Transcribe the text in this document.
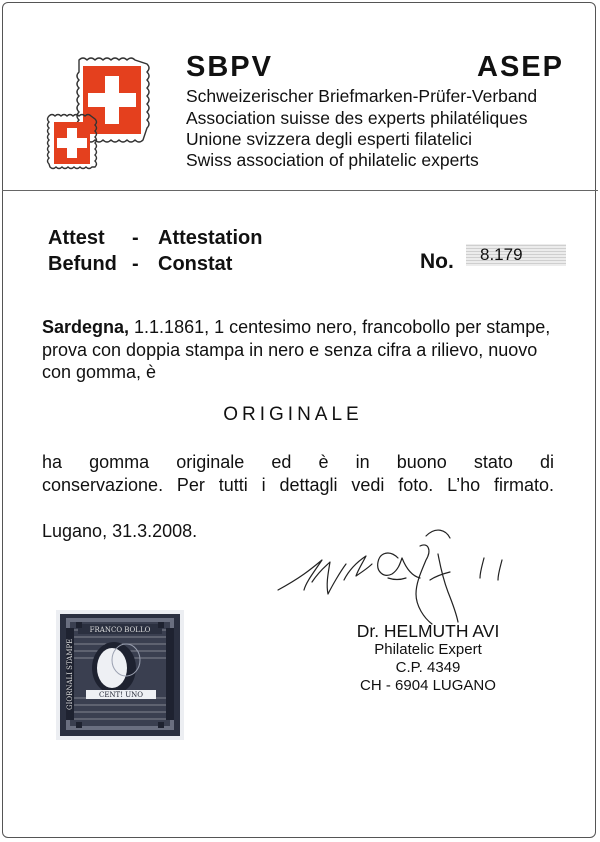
SBPV	ASEP
Schweizerischer Briefmarken-Prüfer-Verband
Association suisse des experts philatéliques
Unione svizzera degli esperti filatelici
Swiss association of philatelic experts
Attest - Attestation
Befund - Constat	No. 8.179
Sardegna, 1.1.1861, 1 centesimo nero, francobollo per stampe, prova con doppia stampa in nero e senza cifra a rilievo, nuovo con gomma, è
ORIGINALE
ha gomma originale ed è in buono stato di
conservazione. Per tutti i dettagli vedi foto. L’ho firmato.
Lugano, 31.3.2008.
Dr. HELMUTH AVI
Philatelic Expert
C.P. 4349
CH - 6904 LUGANO
FRANCO BOLLO
CENT! UNO
GIORNALI STAMPE
